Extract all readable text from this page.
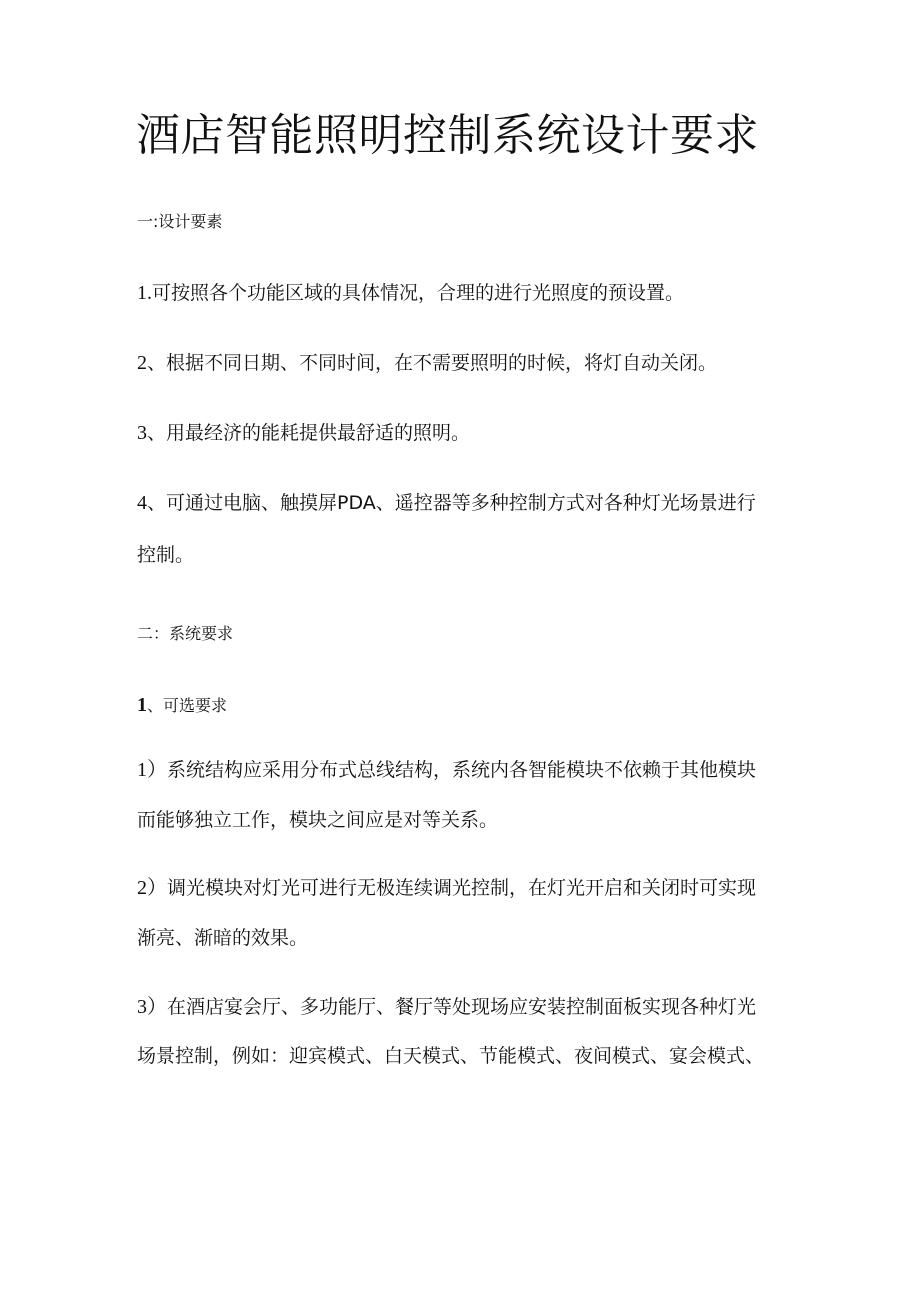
酒店智能照明控制系统设计要求

一:设计要素

1.可按照各个功能区域的具体情况，合理的进行光照度的预设置。

2、根据不同日期、不同时间，在不需要照明的时候，将灯自动关闭。

3、用最经济的能耗提供最舒适的照明。

4、可通过电脑、触摸屏PDA、遥控器等多种控制方式对各种灯光场景进行

控制。

二：系统要求

1、可选要求

1）系统结构应采用分布式总线结构，系统内各智能模块不依赖于其他模块

而能够独立工作，模块之间应是对等关系。

2）调光模块对灯光可进行无极连续调光控制，在灯光开启和关闭时可实现

渐亮、渐暗的效果。

3）在酒店宴会厅、多功能厅、餐厅等处现场应安装控制面板实现各种灯光

场景控制，例如：迎宾模式、白天模式、节能模式、夜间模式、宴会模式、
